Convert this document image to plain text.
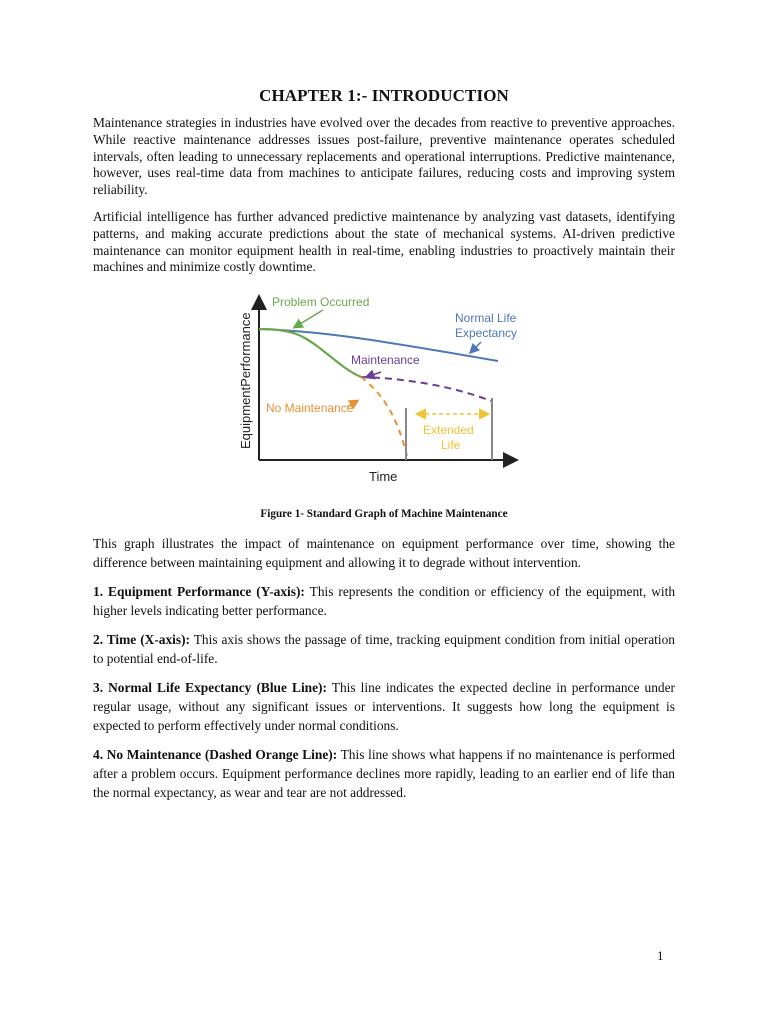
CHAPTER 1:- INTRODUCTION

Maintenance strategies in industries have evolved over the decades from reactive to preventive approaches. While reactive maintenance addresses issues post-failure, preventive maintenance operates scheduled intervals, often leading to unnecessary replacements and operational interruptions. Predictive maintenance, however, uses real-time data from machines to anticipate failures, reducing costs and improving system reliability.

Artificial intelligence has further advanced predictive maintenance by analyzing vast datasets, identifying patterns, and making accurate predictions about the state of mechanical systems. AI-driven predictive maintenance can monitor equipment health in real-time, enabling industries to proactively maintain their machines and minimize costly downtime.

Problem Occurred
Normal Life
Expectancy
Maintenance
No Maintenance
Extended
Life
Time
EquipmentPerformance
Figure 1- Standard Graph of Machine Maintenance

This graph illustrates the impact of maintenance on equipment performance over time, showing the difference between maintaining equipment and allowing it to degrade without intervention.

1. Equipment Performance (Y-axis): This represents the condition or efficiency of the equipment, with higher levels indicating better performance.

2. Time (X-axis): This axis shows the passage of time, tracking equipment condition from initial operation to potential end-of-life.

3. Normal Life Expectancy (Blue Line): This line indicates the expected decline in performance under regular usage, without any significant issues or interventions. It suggests how long the equipment is expected to perform effectively under normal conditions.

4. No Maintenance (Dashed Orange Line): This line shows what happens if no maintenance is performed after a problem occurs. Equipment performance declines more rapidly, leading to an earlier end of life than the normal expectancy, as wear and tear are not addressed.

1
